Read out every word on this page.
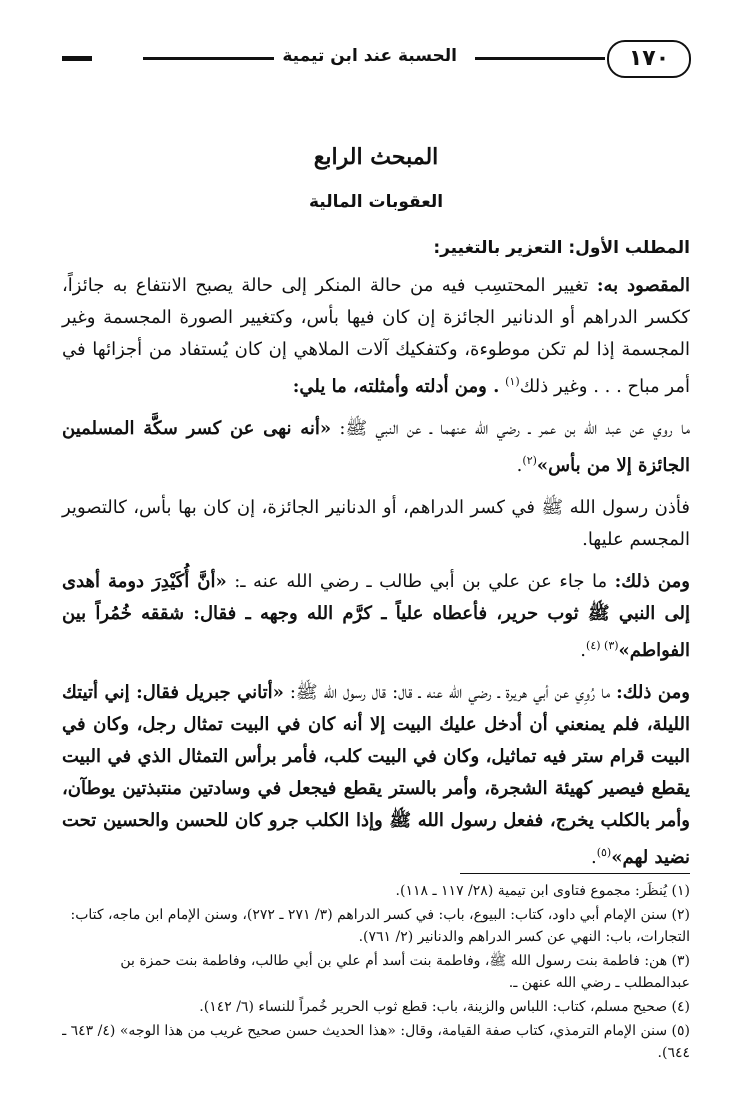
١٧٠
الحسبة عند ابن تيمية
المبحث الرابع
العقوبات المالية
المطلب الأول: التعزير بالتغيير:

المقصود به: تغيير المحتسِب فيه من حالة المنكر إلى حالة يصبح الانتفاع به جائزاً، ككسر الدراهم أو الدنانير الجائزة إن كان فيها بأس، وكتغيير الصورة المجسمة وغير المجسمة إذا لم تكن موطوءة، وكتفكيك آلات الملاهي إن كان يُستفاد من أجزائها في أمر مباح . . . وغير ذلك$^{(١)}$ . ومن أدلته وأمثلته، ما يلي:

ما روي عن عبد الله بن عمر ـ رضي الله عنهما ـ عن النبي ﷺ: «أنه نهى عن كسر سكَّة المسلمين الجائزة إلا من بأس»$^{(٢)}$.

فأذن رسول الله ﷺ في كسر الدراهم، أو الدنانير الجائزة، إن كان بها بأس، كالتصوير المجسم عليها.

ومن ذلك: ما جاء عن علي بن أبي طالب ـ رضي الله عنه ـ: «أنَّ أُكَيْدِرَ دومة أهدى إلى النبي ﷺ ثوب حرير، فأعطاه علياً ـ كرَّم الله وجهه ـ فقال: شققه خُمُراً بين الفواطم»$^{(٣) (٤)}$.

ومن ذلك: ما رُوِي عن أبي هريرة ـ رضي الله عنه ـ قال: قال رسول الله ﷺ: «أتاني جبريل فقال: إني أتيتك الليلة، فلم يمنعني أن أدخل عليك البيت إلا أنه كان في البيت تمثال رجل، وكان في البيت قرام ستر فيه تماثيل، وكان في البيت كلب، فأمر برأس التمثال الذي في البيت يقطع فيصير كهيئة الشجرة، وأمر بالستر يقطع فيجعل في وسادتين منتبذتين يوطآن، وأمر بالكلب يخرج، ففعل رسول الله ﷺ وإذا الكلب جرو كان للحسن والحسين تحت نضيد لهم»$^{(٥)}$.

(١) يُنظَر: مجموع فتاوى ابن تيمية (٢٨/ ١١٧ ـ ١١٨).
(٢) سنن الإمام أبي داود، كتاب: البيوع، باب: في كسر الدراهم (٣/ ٢٧١ ـ ٢٧٢)، وسنن الإمام ابن ماجه، كتاب: التجارات، باب: النهي عن كسر الدراهم والدنانير (٢/ ٧٦١).
(٣) هن: فاطمة بنت رسول الله ﷺ، وفاطمة بنت أسد أم علي بن أبي طالب، وفاطمة بنت حمزة بن عبدالمطلب ـ رضي الله عنهن ـ.
(٤) صحيح مسلم، كتاب: اللباس والزينة، باب: قطع ثوب الحرير خُمراً للنساء (٦/ ١٤٢).
(٥) سنن الإمام الترمذي، كتاب صفة القيامة، وقال: «هذا الحديث حسن صحيح غريب من هذا الوجه» (٤/ ٦٤٣ ـ ٦٤٤).
